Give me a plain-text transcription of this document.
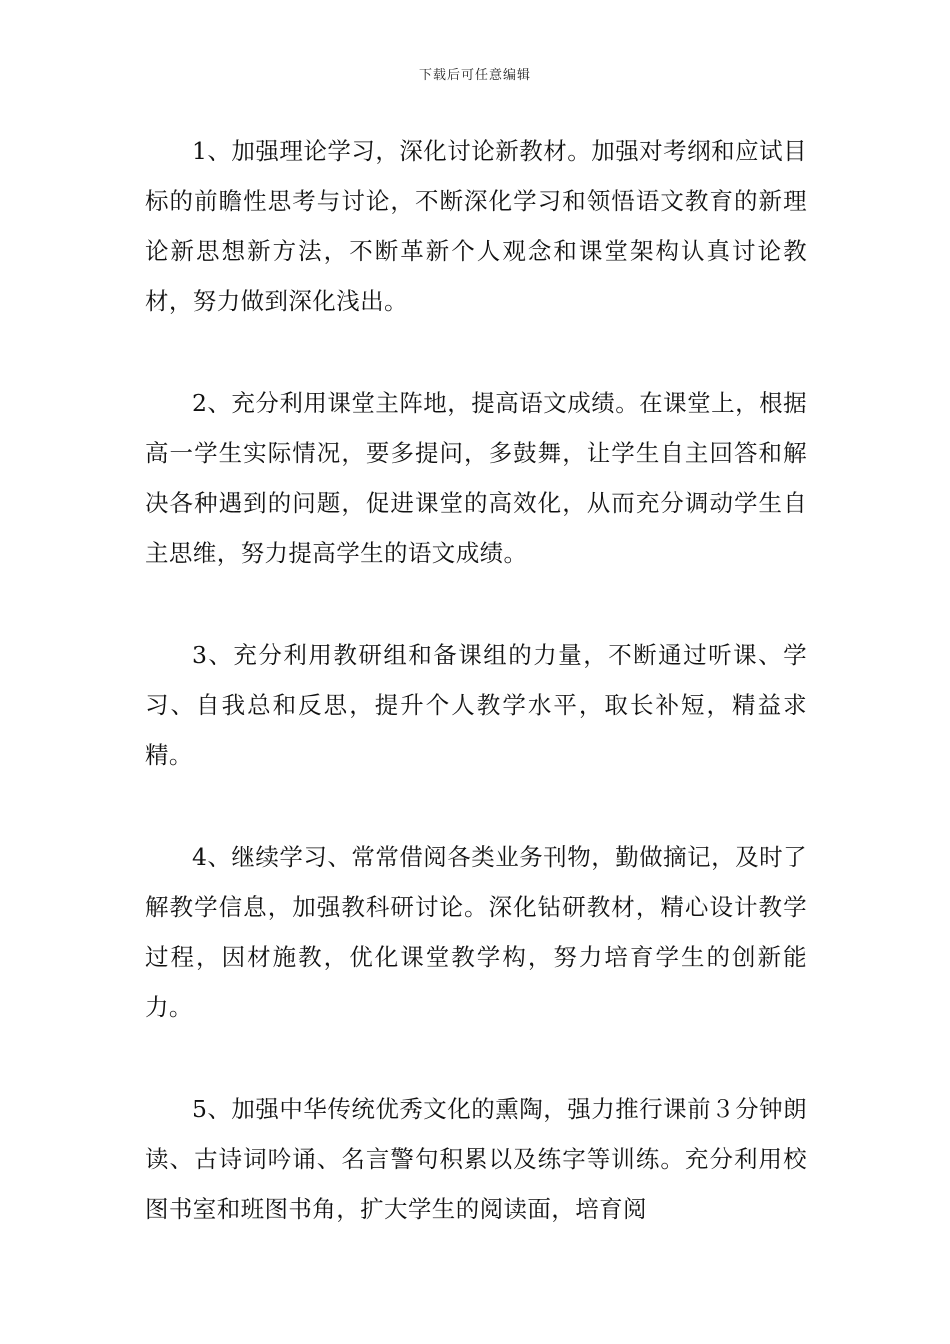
下载后可任意编辑

1、加强理论学习，深化讨论新教材。加强对考纲和应试目标的前瞻性思考与讨论，不断深化学习和领悟语文教育的新理论新思想新方法，不断革新个人观念和课堂架构认真讨论教材，努力做到深化浅出。

2、充分利用课堂主阵地，提高语文成绩。在课堂上，根据高一学生实际情况，要多提问，多鼓舞，让学生自主回答和解决各种遇到的问题，促进课堂的高效化，从而充分调动学生自主思维，努力提高学生的语文成绩。

3、充分利用教研组和备课组的力量，不断通过听课、学习、自我总和反思，提升个人教学水平，取长补短，精益求精。

4、继续学习、常常借阅各类业务刊物，勤做摘记，及时了解教学信息，加强教科研讨论。深化钻研教材，精心设计教学过程，因材施教，优化课堂教学构，努力培育学生的创新能力。

5、加强中华传统优秀文化的熏陶，强力推行课前３分钟朗读、古诗词吟诵、名言警句积累以及练字等训练。充分利用校图书室和班图书角，扩大学生的阅读面，培育阅
